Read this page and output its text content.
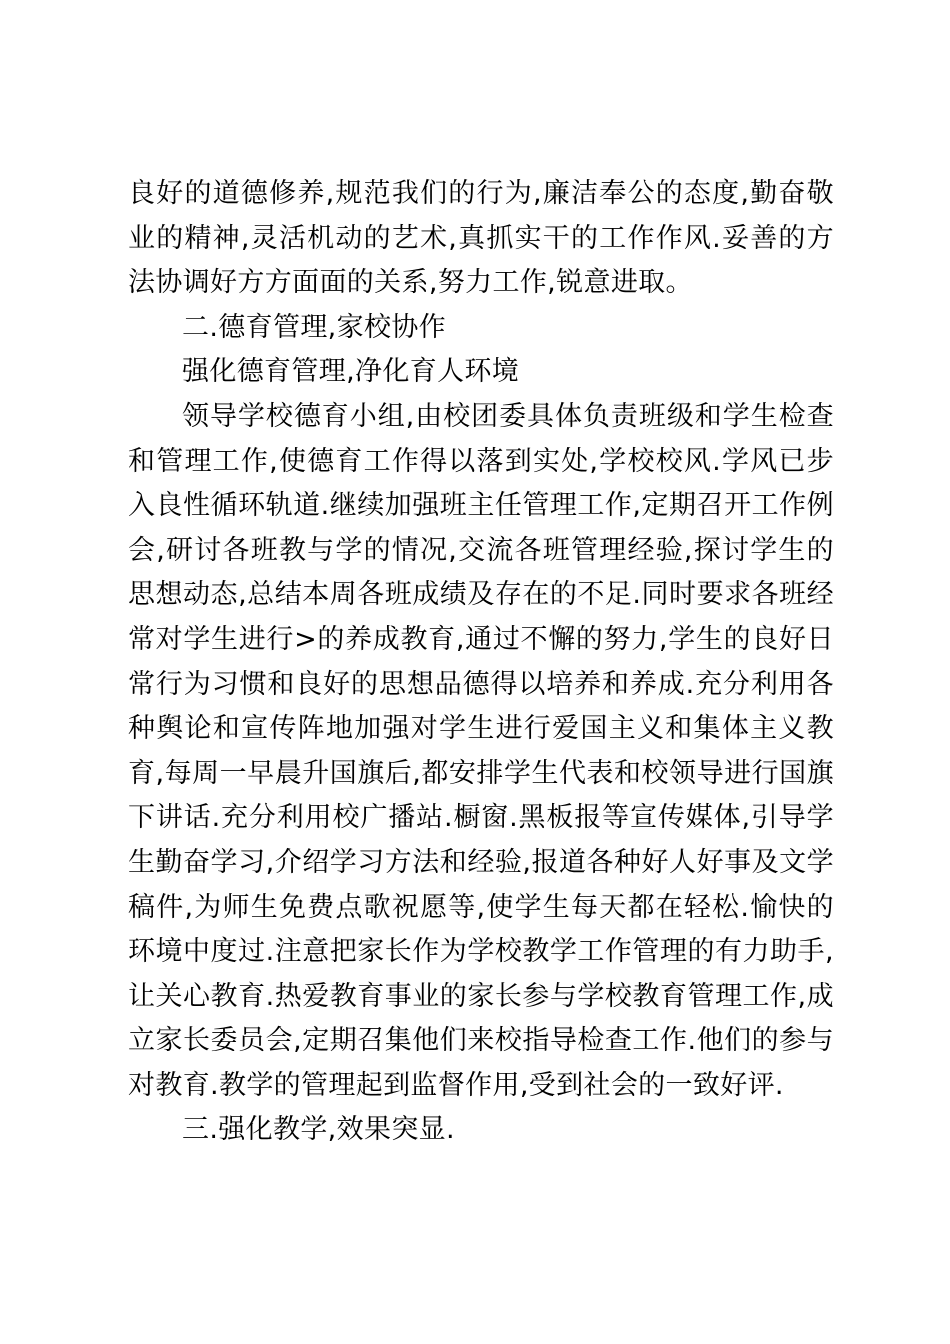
良好的道德修养,规范我们的行为,廉洁奉公的态度,勤奋敬业的精神,灵活机动的艺术,真抓实干的工作作风.妥善的方法协调好方方面面的关系,努力工作,锐意进取。

二.德育管理,家校协作

强化德育管理,净化育人环境

领导学校德育小组,由校团委具体负责班级和学生检查和管理工作,使德育工作得以落到实处,学校校风.学风已步入良性循环轨道.继续加强班主任管理工作,定期召开工作例会,研讨各班教与学的情况,交流各班管理经验,探讨学生的思想动态,总结本周各班成绩及存在的不足.同时要求各班经常对学生进行>的养成教育,通过不懈的努力,学生的良好日常行为习惯和良好的思想品德得以培养和养成.充分利用各种舆论和宣传阵地加强对学生进行爱国主义和集体主义教育,每周一早晨升国旗后,都安排学生代表和校领导进行国旗下讲话.充分利用校广播站.橱窗.黑板报等宣传媒体,引导学生勤奋学习,介绍学习方法和经验,报道各种好人好事及文学稿件,为师生免费点歌祝愿等,使学生每天都在轻松.愉快的环境中度过.注意把家长作为学校教学工作管理的有力助手,让关心教育.热爱教育事业的家长参与学校教育管理工作,成立家长委员会,定期召集他们来校指导检查工作.他们的参与对教育.教学的管理起到监督作用,受到社会的一致好评.

三.强化教学,效果突显.
